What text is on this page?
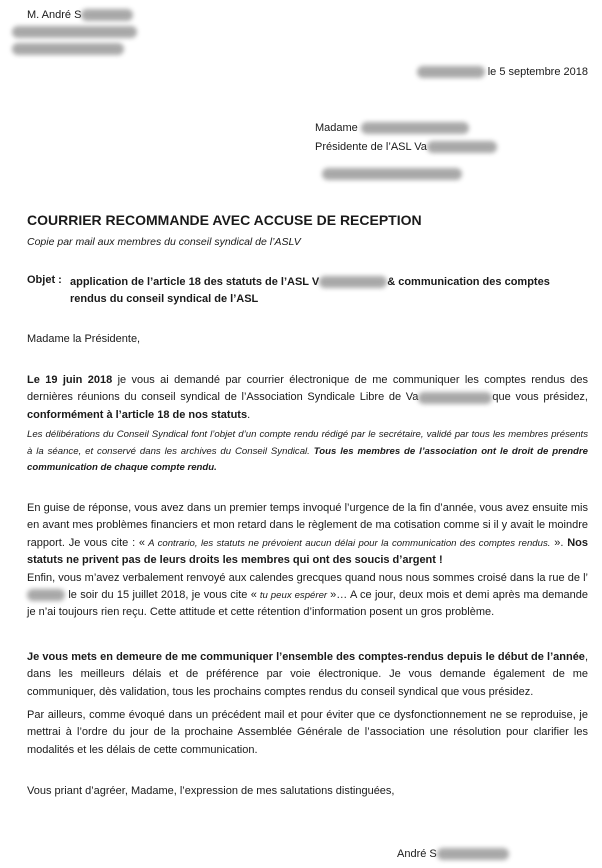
M. André S
le 5 septembre 2018
Madame
Présidente de l’ASL Va
COURRIER RECOMMANDE AVEC ACCUSE DE RECEPTION
Copie par mail aux membres du conseil syndical de l’ASLV
Objet : application de l’article 18 des statuts de l’ASL V	& communication des comptes rendus du conseil syndical de l’ASL
Madame la Présidente,
Le 19 juin 2018 je vous ai demandé par courrier électronique de me communiquer les comptes rendus des dernières réunions du conseil syndical de l’Association Syndicale Libre de Va	que vous présidez, conformément à l’article 18 de nos statuts.
Les délibérations du Conseil Syndical font l’objet d’un compte rendu rédigé par le secrétaire, validé par tous les membres présents à la séance, et conservé dans les archives du Conseil Syndical. Tous les membres de l’association ont le droit de prendre communication de chaque compte rendu.
En guise de réponse, vous avez dans un premier temps invoqué l’urgence de la fin d’année, vous avez ensuite mis en avant mes problèmes financiers et mon retard dans le règlement de ma cotisation comme si il y avait le moindre rapport. Je vous cite : « A contrario, les statuts ne prévoient aucun délai pour la communication des comptes rendus. ». Nos statuts ne privent pas de leurs droits les membres qui ont des soucis d’argent !
Enfin, vous m’avez verbalement renvoyé aux calendes grecques quand nous nous sommes croisé dans la rue de l’ le soir du 15 juillet 2018, je vous cite « tu peux espérer »… A ce jour, deux mois et demi après ma demande je n’ai toujours rien reçu. Cette attitude et cette rétention d’information posent un gros problème.
Je vous mets en demeure de me communiquer l’ensemble des comptes-rendus depuis le début de l’année, dans les meilleurs délais et de préférence par voie électronique. Je vous demande également de me communiquer, dès validation, tous les prochains comptes rendus du conseil syndical que vous présidez.
Par ailleurs, comme évoqué dans un précédent mail et pour éviter que ce dysfonctionnement ne se reproduise, je mettrai à l’ordre du jour de la prochaine Assemblée Générale de l’association une résolution pour clarifier les modalités et les délais de cette communication.
Vous priant d’agréer, Madame, l’expression de mes salutations distinguées,
André S
